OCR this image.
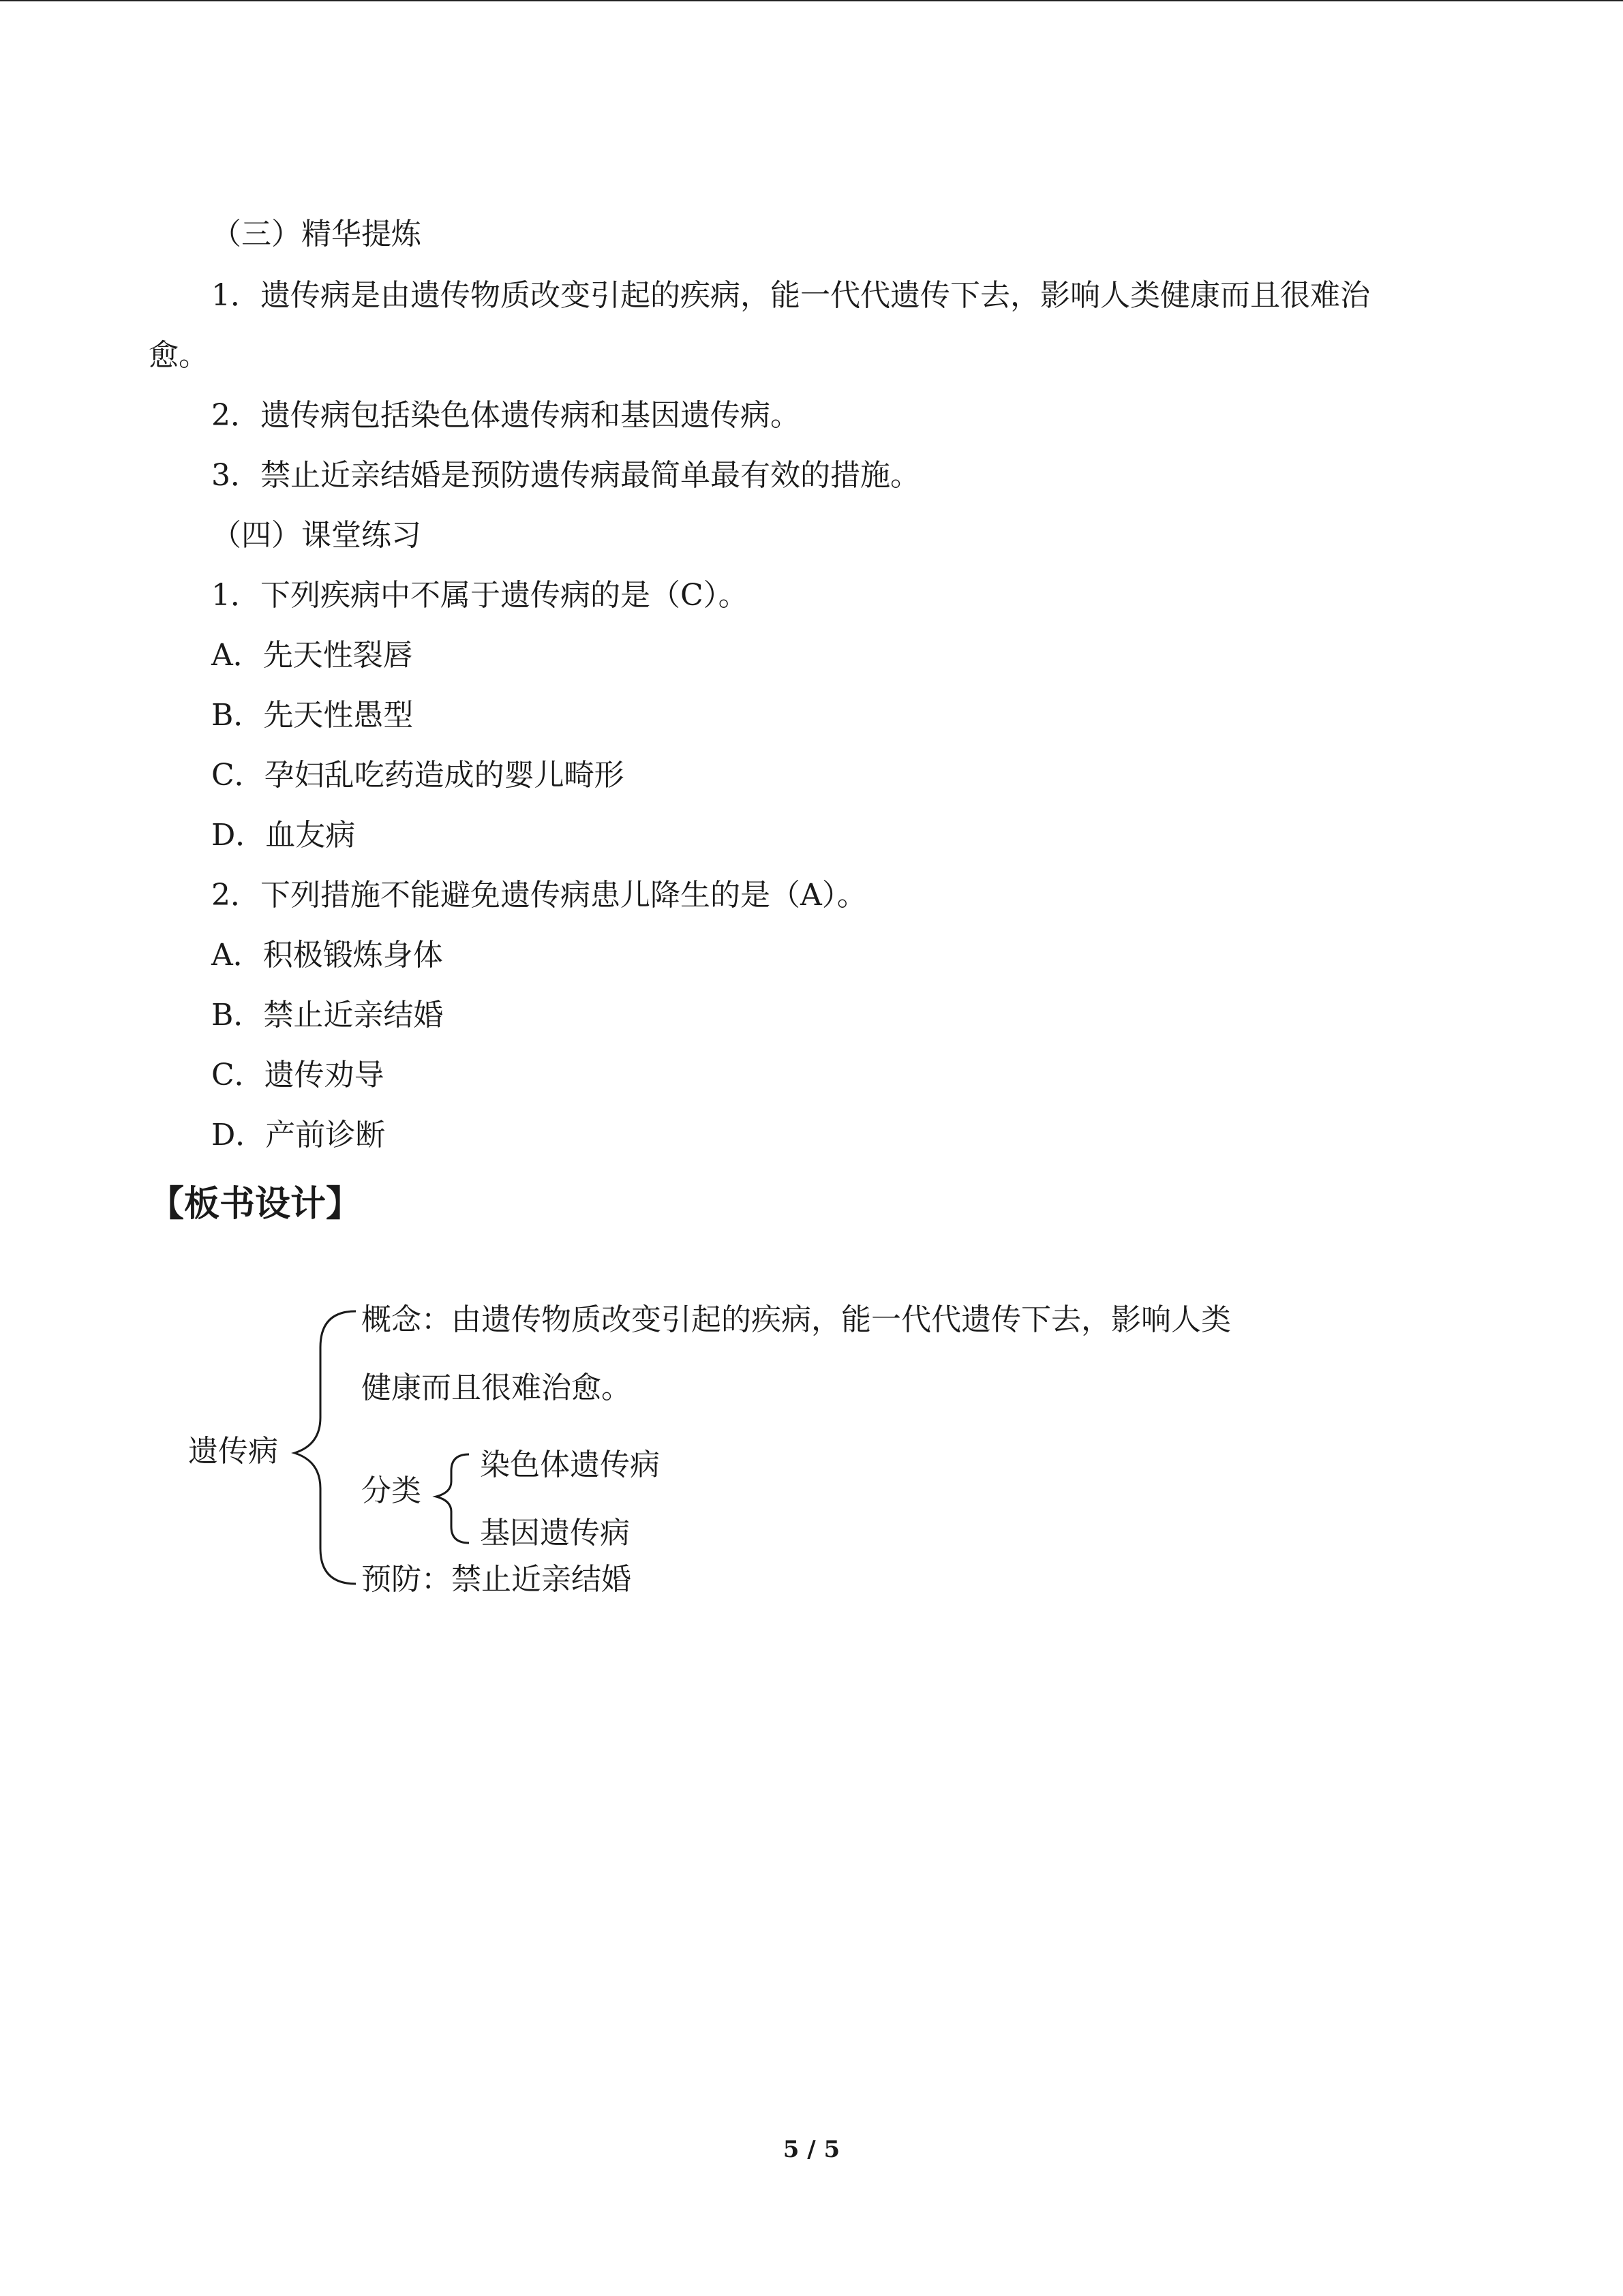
（三）精华提炼
1．遗传病是由遗传物质改变引起的疾病，能一代代遗传下去，影响人类健康而且很难治
愈。
2．遗传病包括染色体遗传病和基因遗传病。
3．禁止近亲结婚是预防遗传病最简单最有效的措施。
（四）课堂练习
1．下列疾病中不属于遗传病的是（C）。
A．先天性裂唇
B．先天性愚型
C．孕妇乱吃药造成的婴儿畸形
D．血友病
2．下列措施不能避免遗传病患儿降生的是（A）。
A．积极锻炼身体
B．禁止近亲结婚
C．遗传劝导
D．产前诊断
【板书设计】
遗传病
概念：由遗传物质改变引起的疾病，能一代代遗传下去，影响人类
健康而且很难治愈。
分类
染色体遗传病
基因遗传病
预防：禁止近亲结婚
5 / 5
